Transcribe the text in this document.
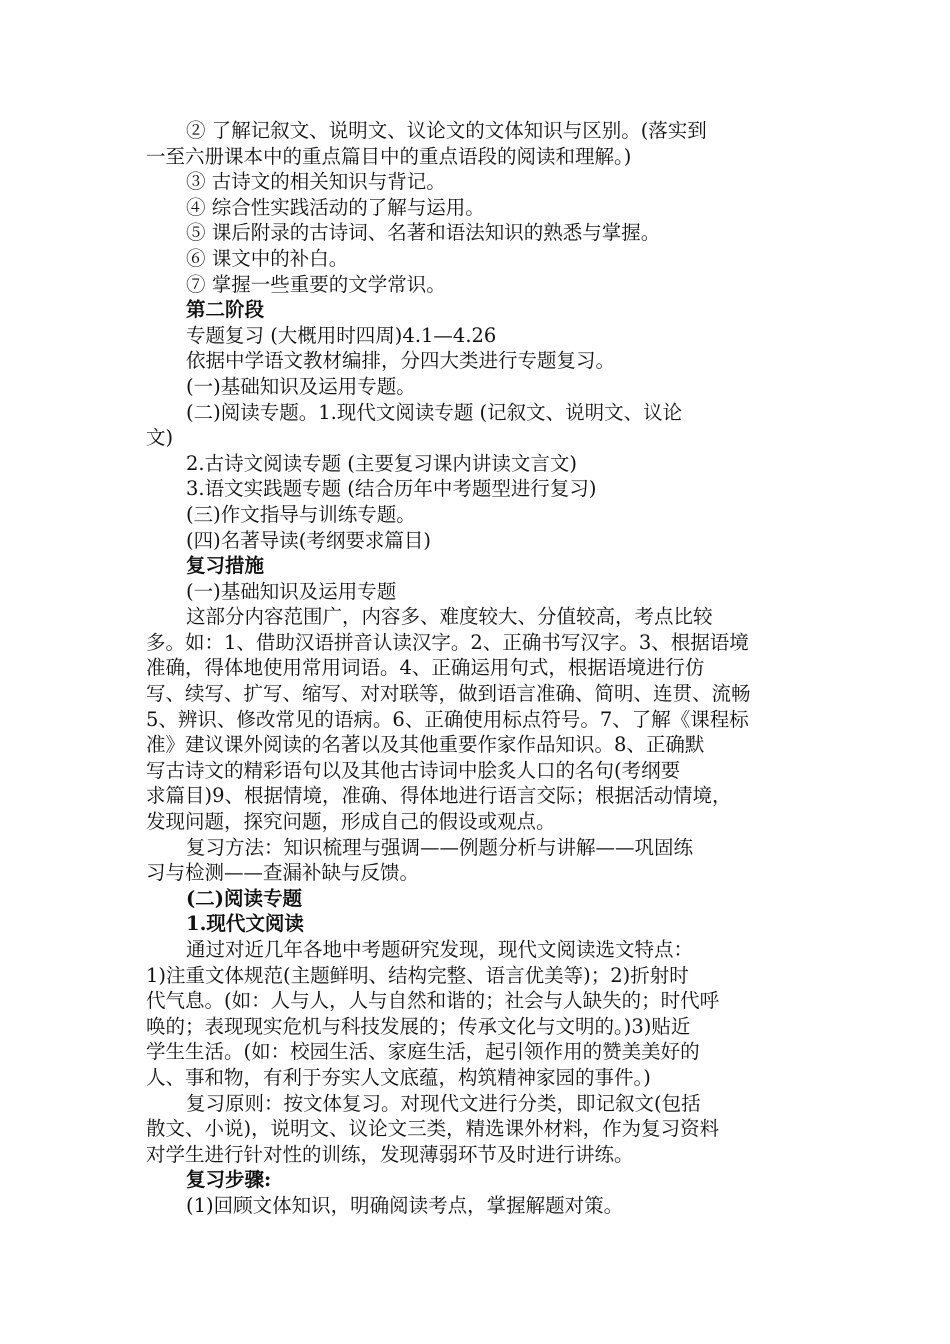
② 了解记叙文、说明文、议论文的文体知识与区别。(落实到
一至六册课本中的重点篇目中的重点语段的阅读和理解。)
③ 古诗文的相关知识与背记。
④ 综合性实践活动的了解与运用。
⑤ 课后附录的古诗词、名著和语法知识的熟悉与掌握。
⑥ 课文中的补白。
⑦ 掌握一些重要的文学常识。
第二阶段
专题复习 (大概用时四周)4.1—4.26
依据中学语文教材编排，分四大类进行专题复习。
(一)基础知识及运用专题。
(二)阅读专题。1.现代文阅读专题 (记叙文、说明文、议论
文)
2.古诗文阅读专题 (主要复习课内讲读文言文)
3.语文实践题专题 (结合历年中考题型进行复习)
(三)作文指导与训练专题。
(四)名著导读(考纲要求篇目)
复习措施
(一)基础知识及运用专题
这部分内容范围广，内容多、难度较大、分值较高，考点比较
多。如：1、借助汉语拼音认读汉字。2、正确书写汉字。3、根据语境
准确，得体地使用常用词语。4、正确运用句式，根据语境进行仿
写、续写、扩写、缩写、对对联等，做到语言准确、简明、连贯、流畅
5、辨识、修改常见的语病。6、正确使用标点符号。7、了解《课程标
准》建议课外阅读的名著以及其他重要作家作品知识。8、正确默
写古诗文的精彩语句以及其他古诗词中脍炙人口的名句(考纲要
求篇目)9、根据情境，准确、得体地进行语言交际；根据活动情境，
发现问题，探究问题，形成自己的假设或观点。
复习方法：知识梳理与强调——例题分析与讲解——巩固练
习与检测——查漏补缺与反馈。
(二)阅读专题
1.现代文阅读
通过对近几年各地中考题研究发现，现代文阅读选文特点：
1)注重文体规范(主题鲜明、结构完整、语言优美等)；2)折射时
代气息。(如：人与人，人与自然和谐的；社会与人缺失的；时代呼
唤的；表现现实危机与科技发展的；传承文化与文明的。)3)贴近
学生生活。(如：校园生活、家庭生活，起引领作用的赞美美好的
人、事和物，有利于夯实人文底蕴，构筑精神家园的事件。)
复习原则：按文体复习。对现代文进行分类，即记叙文(包括
散文、小说)，说明文、议论文三类，精选课外材料，作为复习资料
对学生进行针对性的训练，发现薄弱环节及时进行讲练。
复习步骤:
(1)回顾文体知识，明确阅读考点，掌握解题对策。
